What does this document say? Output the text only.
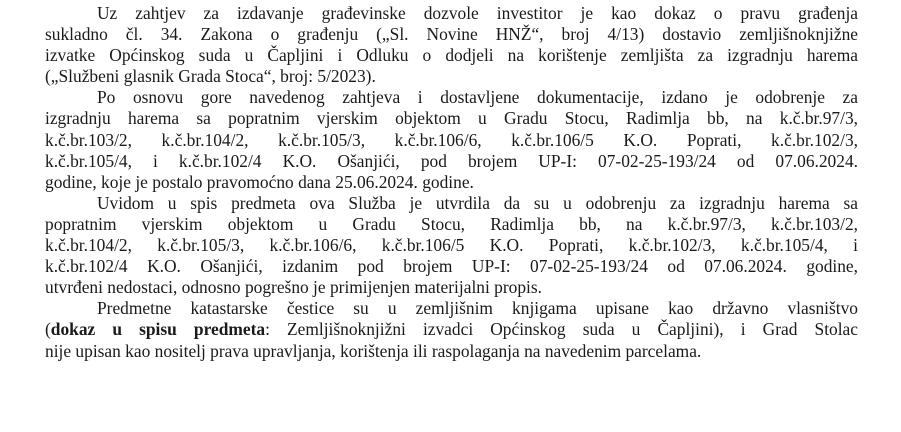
Uz zahtjev za izdavanje građevinske dozvole investitor je kao dokaz o pravu građenja
sukladno čl. 34. Zakona o građenju („Sl. Novine HNŽ“, broj 4/13) dostavio zemljišnoknjižne
izvatke Općinskog suda u Čapljini i Odluku o dodjeli na korištenje zemljišta za izgradnju harema
(„Službeni glasnik Grada Stoca“, broj: 5/2023).

Po osnovu gore navedenog zahtjeva i dostavljene dokumentacije, izdano je odobrenje za
izgradnju harema sa popratnim vjerskim objektom u Gradu Stocu, Radimlja bb, na k.č.br.97/3,
k.č.br.103/2, k.č.br.104/2, k.č.br.105/3, k.č.br.106/6, k.č.br.106/5 K.O. Poprati, k.č.br.102/3,
k.č.br.105/4, i k.č.br.102/4 K.O. Ošanjići, pod brojem UP-I: 07-02-25-193/24 od 07.06.2024.
godine, koje je postalo pravomoćno dana 25.06.2024. godine.

Uvidom u spis predmeta ova Služba je utvrdila da su u odobrenju za izgradnju harema sa
popratnim vjerskim objektom u Gradu Stocu, Radimlja bb, na k.č.br.97/3, k.č.br.103/2,
k.č.br.104/2, k.č.br.105/3, k.č.br.106/6, k.č.br.106/5 K.O. Poprati, k.č.br.102/3, k.č.br.105/4, i
k.č.br.102/4 K.O. Ošanjići, izdanim pod brojem UP-I: 07-02-25-193/24 od 07.06.2024. godine,
utvrđeni nedostaci, odnosno pogrešno je primijenjen materijalni propis.

Predmetne katastarske čestice su u zemljišnim knjigama upisane kao državno vlasništvo
(dokaz u spisu predmeta: Zemljišnoknjižni izvadci Općinskog suda u Čapljini), i Grad Stolac
nije upisan kao nositelj prava upravljanja, korištenja ili raspolaganja na navedenim parcelama.
